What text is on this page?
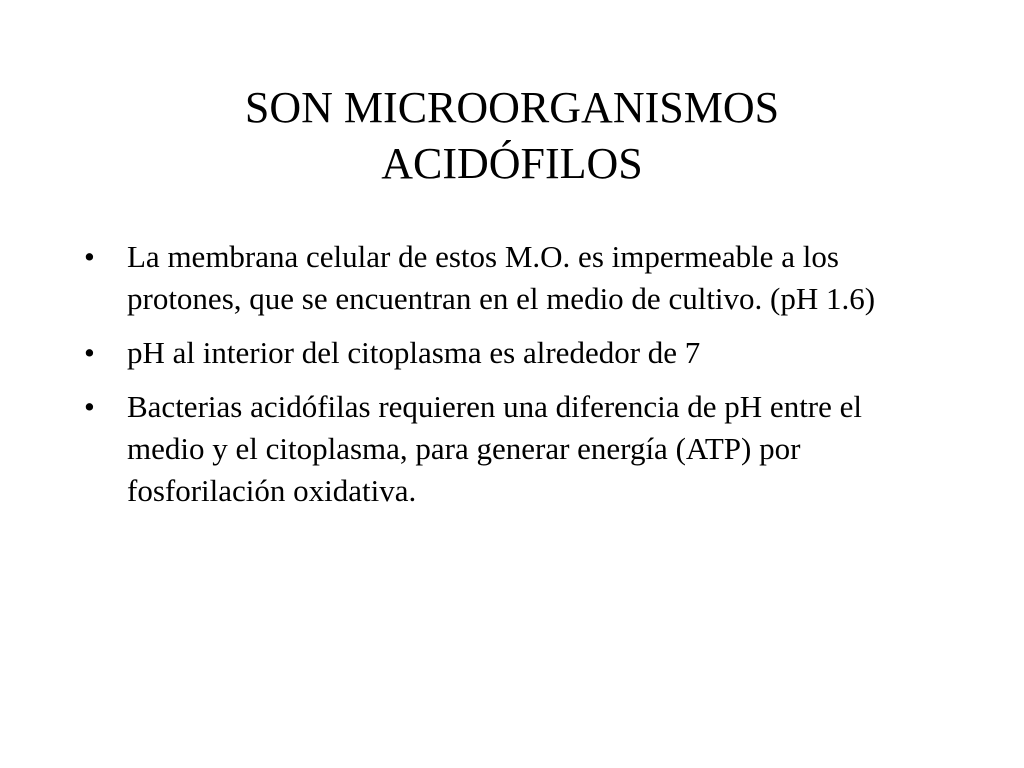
SON MICROORGANISMOS
ACIDÓFILOS
• La membrana celular de estos M.O. es impermeable a los protones, que se encuentran en el medio de cultivo. (pH 1.6)
• pH al interior del citoplasma es alrededor de 7
• Bacterias acidófilas requieren una diferencia de pH entre el medio y el citoplasma, para generar energía (ATP) por fosforilación oxidativa.
